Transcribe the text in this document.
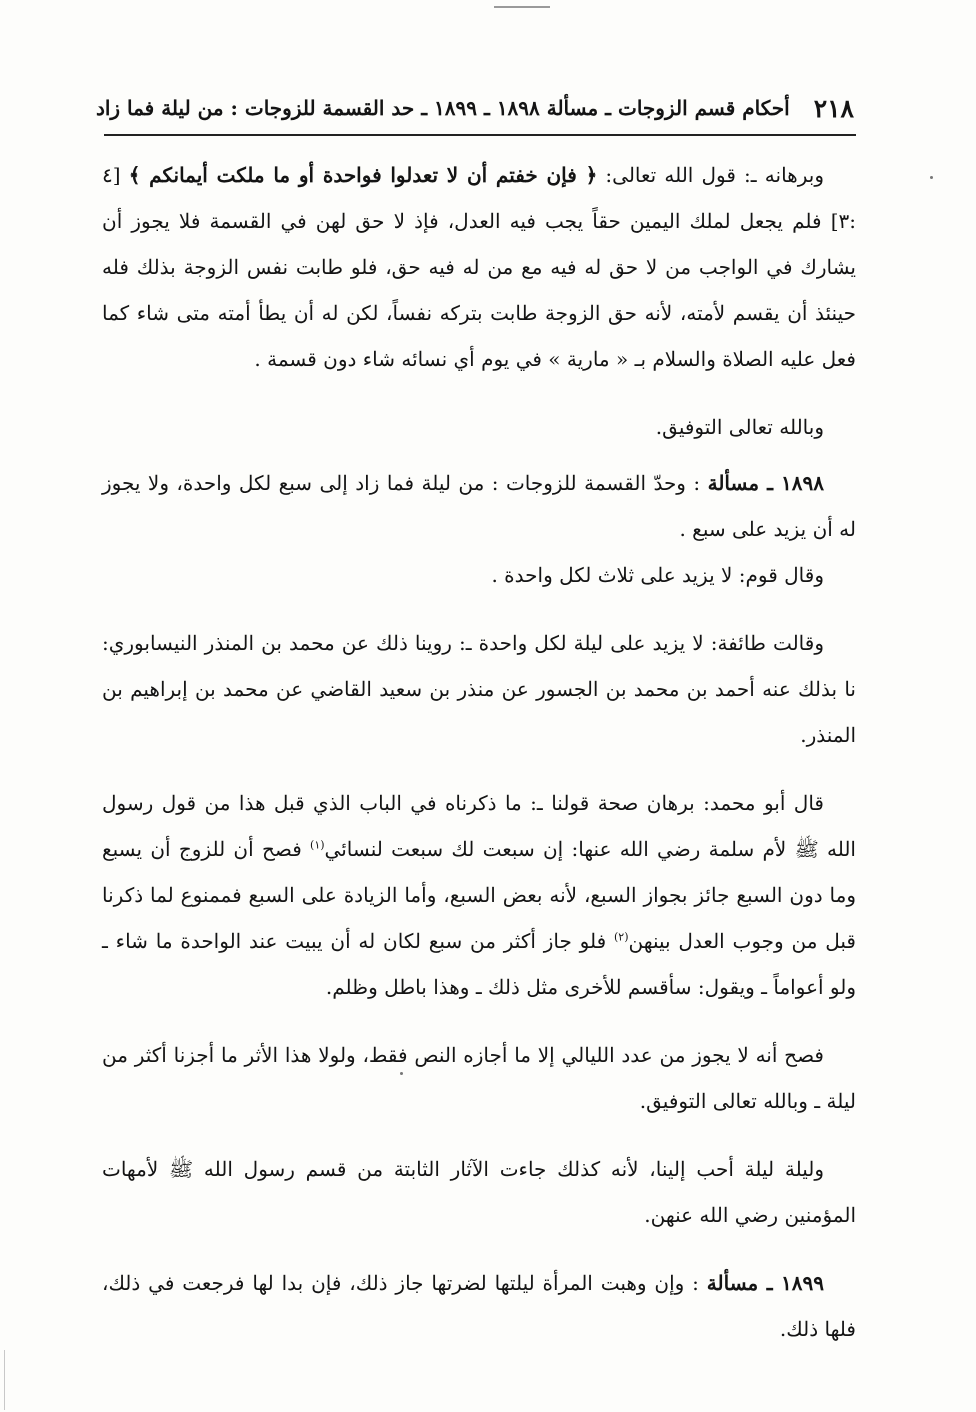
٢١٨
أحكام قسم الزوجات ـ مسألة ١٨٩٨ ـ ١٨٩٩ ـ حد القسمة للزوجات : من ليلة فما زاد

وبرهانه ـ: قول الله تعالى: ﴿ فإن خفتم أن لا تعدلوا فواحدة أو ما ملكت أيمانكم ﴾ [٤ :٣] فلم يجعل لملك اليمين حقاً يجب فيه العدل، فإذ لا حق لهن في القسمة فلا يجوز أن يشارك في الواجب من لا حق له فيه مع من له فيه حق، فلو طابت نفس الزوجة بذلك فله حينئذ أن يقسم لأمته، لأنه حق الزوجة طابت بتركه نفساً، لكن له أن يطأ أمته متى شاء كما فعل عليه الصلاة والسلام بـ « مارية » في يوم أي نسائه شاء دون قسمة .

وبالله تعالى التوفيق.

١٨٩٨ ـ مسألة : وحدّ القسمة للزوجات : من ليلة فما زاد إلى سبع لكل واحدة، ولا يجوز له أن يزيد على سبع .

وقال قوم: لا يزيد على ثلاث لكل واحدة .

وقالت طائفة: لا يزيد على ليلة لكل واحدة ـ: روينا ذلك عن محمد بن المنذر النيسابوري: نا بذلك عنه أحمد بن محمد بن الجسور عن منذر بن سعيد القاضي عن محمد بن إبراهيم بن المنذر.

قال أبو محمد: برهان صحة قولنا ـ: ما ذكرناه في الباب الذي قبل هذا من قول رسول الله ﷺ لأم سلمة رضي الله عنها: إن سبعت لك سبعت لنسائي$^{(١)}$ فصح أن للزوج أن يسبع وما دون السبع جائز بجواز السبع، لأنه بعض السبع، وأما الزيادة على السبع فممنوع لما ذكرنا قبل من وجوب العدل بينهن$^{(٢)}$ فلو جاز أكثر من سبع لكان له أن يبيت عند الواحدة ما شاء ـ ولو أعواماً ـ ويقول: سأقسم للأخرى مثل ذلك ـ وهذا باطل وظلم.

فصح أنه لا يجوز من عدد الليالي إلا ما أجازه النص فقط، ولولا هذا الأثر ما أجزنا أكثر من ليلة ـ وبالله تعالى التوفيق.

وليلة ليلة أحب إلينا، لأنه كذلك جاءت الآثار الثابتة من قسم رسول الله ﷺ لأمهات المؤمنين رضي الله عنهن.

١٨٩٩ ـ مسألة : وإن وهبت المرأة ليلتها لضرتها جاز ذلك، فإن بدا لها فرجعت في ذلك، فلها ذلك.
